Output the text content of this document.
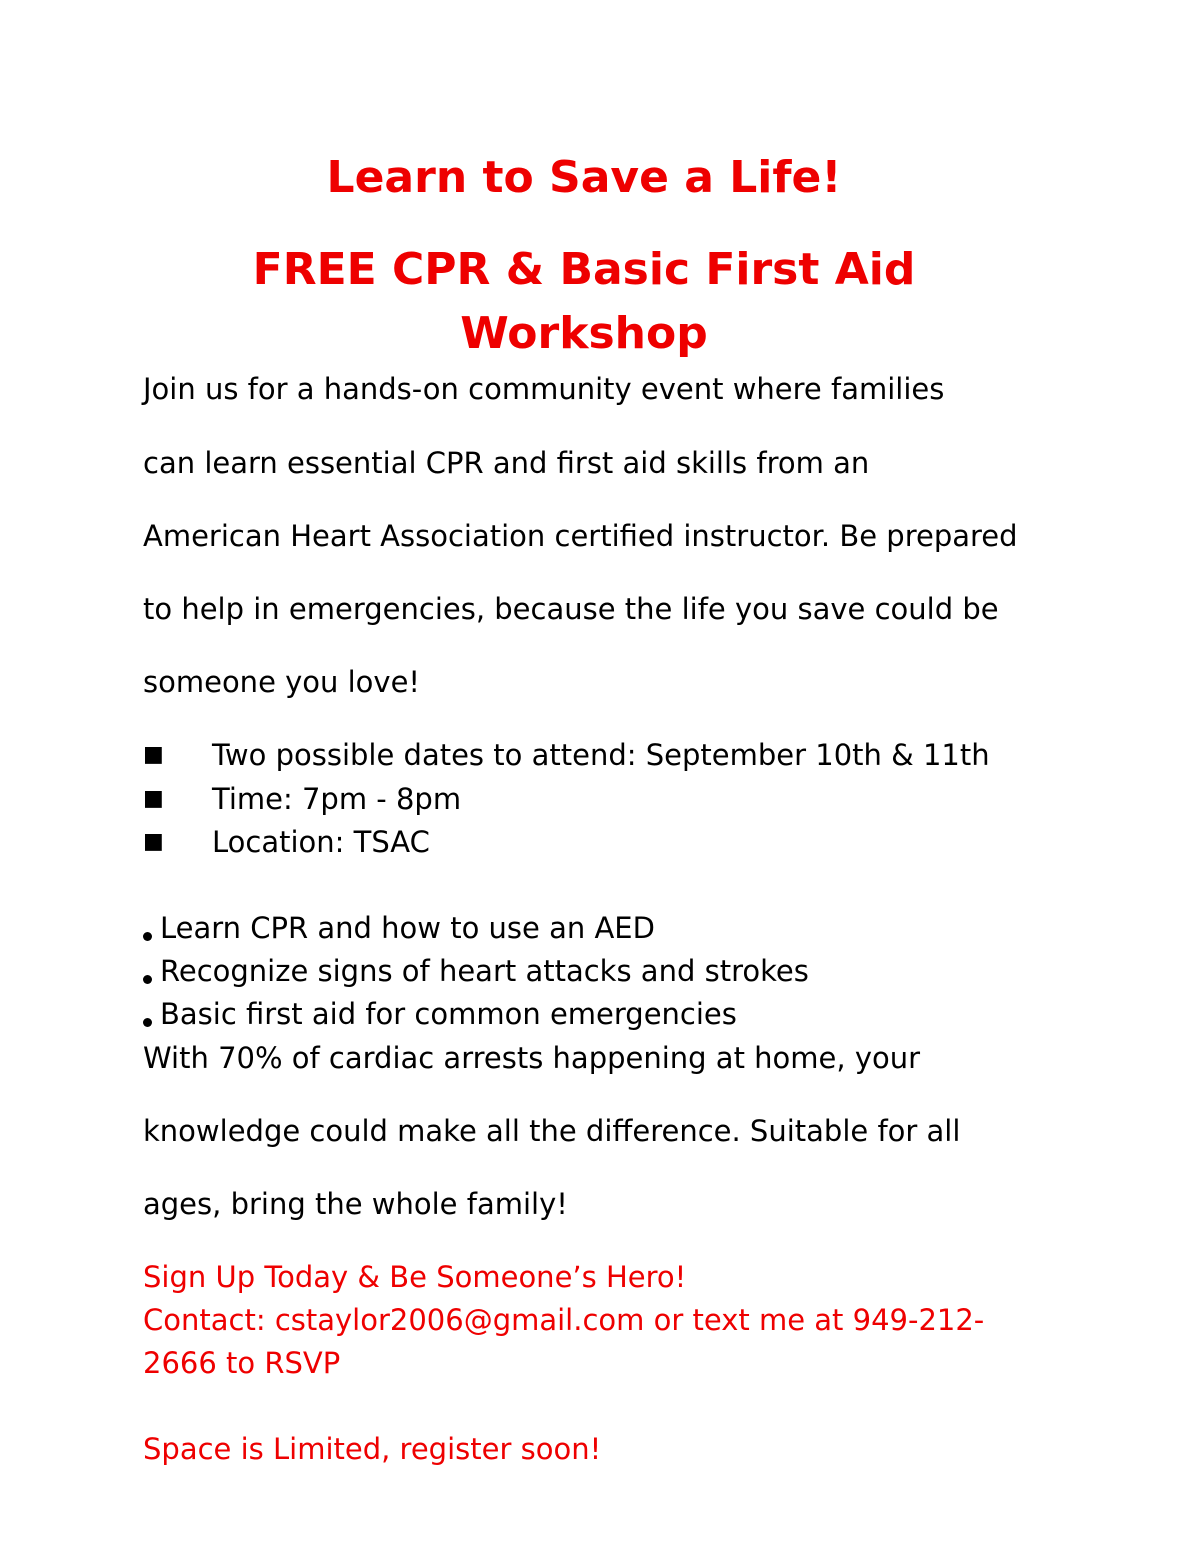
Learn to Save a Life!
FREE CPR & Basic First Aid
Workshop

Join us for a hands-on community event where families

can learn essential CPR and first aid skills from an

American Heart Association certified instructor. Be prepared

to help in emergencies, because the life you save could be

someone you love!

■ Two possible dates to attend: September 10th & 11th
■ Time: 7pm - 8pm
■ Location: TSAC
Learn CPR and how to use an AED
Recognize signs of heart attacks and strokes
Basic first aid for common emergencies

With 70% of cardiac arrests happening at home, your

knowledge could make all the difference. Suitable for all

ages, bring the whole family!

Sign Up Today & Be Someone’s Hero!

Contact: cstaylor2006@gmail.com or text me at 949-212-

2666 to RSVP

Space is Limited, register soon!
